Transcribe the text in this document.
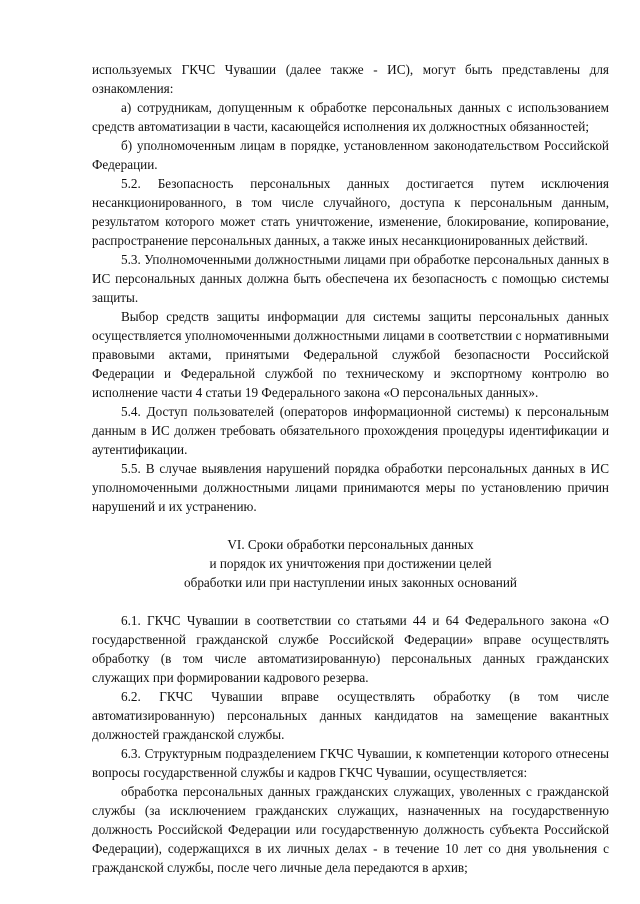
используемых ГКЧС Чувашии (далее также - ИС), могут быть представлены для ознакомления:

а) сотрудникам, допущенным к обработке персональных данных с использованием средств автоматизации в части, касающейся исполнения их должностных обязанностей;

б) уполномоченным лицам в порядке, установленном законодательством Российской Федерации.

5.2. Безопасность персональных данных достигается путем исключения несанкционированного, в том числе случайного, доступа к персональным данным, результатом которого может стать уничтожение, изменение, блокирование, копирование, распространение персональных данных, а также иных несанкционированных действий.

5.3. Уполномоченными должностными лицами при обработке персональных данных в ИС персональных данных должна быть обеспечена их безопасность с помощью системы защиты.

Выбор средств защиты информации для системы защиты персональных данных осуществляется уполномоченными должностными лицами в соответствии с нормативными правовыми актами, принятыми Федеральной службой безопасности Российской Федерации и Федеральной службой по техническому и экспортному контролю во исполнение части 4 статьи 19 Федерального закона «О персональных данных».

5.4. Доступ пользователей (операторов информационной системы) к персональным данным в ИС должен требовать обязательного прохождения процедуры идентификации и аутентификации.

5.5. В случае выявления нарушений порядка обработки персональных данных в ИС уполномоченными должностными лицами принимаются меры по установлению причин нарушений и их устранению.

VI. Сроки обработки персональных данных
и порядок их уничтожения при достижении целей
обработки или при наступлении иных законных оснований

6.1. ГКЧС Чувашии в соответствии со статьями 44 и 64 Федерального закона «О государственной гражданской службе Российской Федерации» вправе осуществлять обработку (в том числе автоматизированную) персональных данных гражданских служащих при формировании кадрового резерва.

6.2. ГКЧС Чувашии вправе осуществлять обработку (в том числе автоматизированную) персональных данных кандидатов на замещение вакантных должностей гражданской службы.

6.3. Структурным подразделением ГКЧС Чувашии, к компетенции которого отнесены вопросы государственной службы и кадров ГКЧС Чувашии, осуществляется:

обработка персональных данных гражданских служащих, уволенных с гражданской службы (за исключением гражданских служащих, назначенных на государственную должность Российской Федерации или государственную должность субъекта Российской Федерации), содержащихся в их личных делах - в течение 10 лет со дня увольнения с гражданской службы, после чего личные дела передаются в архив;
